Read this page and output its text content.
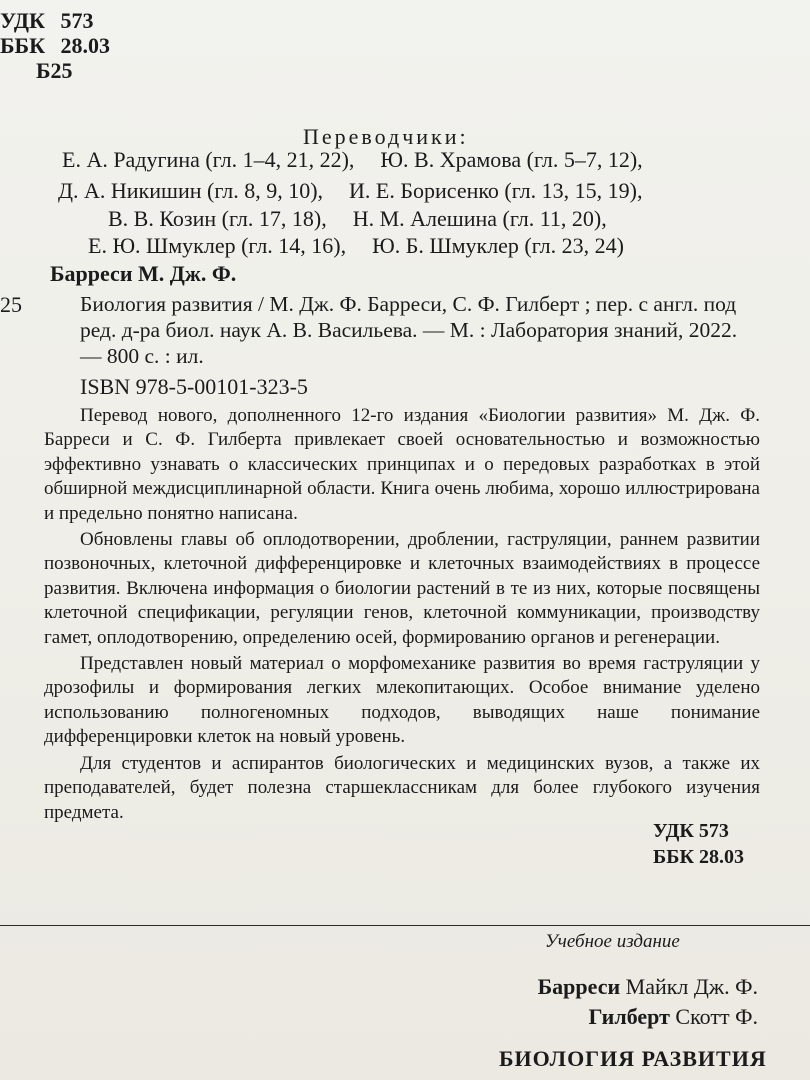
УДК 573
ББК 28.03
Б25
Переводчики:
Е. А. Радугина (гл. 1–4, 21, 22), Ю. В. Храмова (гл. 5–7, 12),
Д. А. Никишин (гл. 8, 9, 10), И. Е. Борисенко (гл. 13, 15, 19),
В. В. Козин (гл. 17, 18), Н. М. Алешина (гл. 11, 20),
Е. Ю. Шмуклер (гл. 14, 16), Ю. Б. Шмуклер (гл. 23, 24)
Барреси М. Дж. Ф.
25	Биология развития / М. Дж. Ф. Барреси, С. Ф. Гилберт ; пер. с англ. под ред. д-ра биол. наук А. В. Васильева. — М. : Лаборатория знаний, 2022. — 800 с. : ил.
ISBN 978-5-00101-323-5

Перевод нового, дополненного 12-го издания «Биологии развития» М. Дж. Ф. Барреси и С. Ф. Гилберта привлекает своей основательностью и возможностью эффективно узнавать о классических принципах и о передовых разработках в этой обширной междисциплинарной области. Книга очень любима, хорошо иллюстрирована и предельно понятно написана.

Обновлены главы об оплодотворении, дроблении, гаструляции, раннем развитии позвоночных, клеточной дифференцировке и клеточных взаимодействиях в процессе развития. Включена информация о биологии растений в те из них, которые посвящены клеточной спецификации, регуляции генов, клеточной коммуникации, производству гамет, оплодотворению, определению осей, формированию органов и регенерации.

Представлен новый материал о морфомеханике развития во время гаструляции у дрозофилы и формирования легких млекопитающих. Особое внимание уделено использованию полногеномных подходов, выводящих наше понимание дифференцировки клеток на новый уровень.

Для студентов и аспирантов биологических и медицинских вузов, а также их преподавателей, будет полезна старшеклассникам для более глубокого изучения предмета.

УДК 573
ББК 28.03
Учебное издание
Барреси Майкл Дж. Ф.
Гилберт Скотт Ф.
БИОЛОГИЯ РАЗВИТИЯ
